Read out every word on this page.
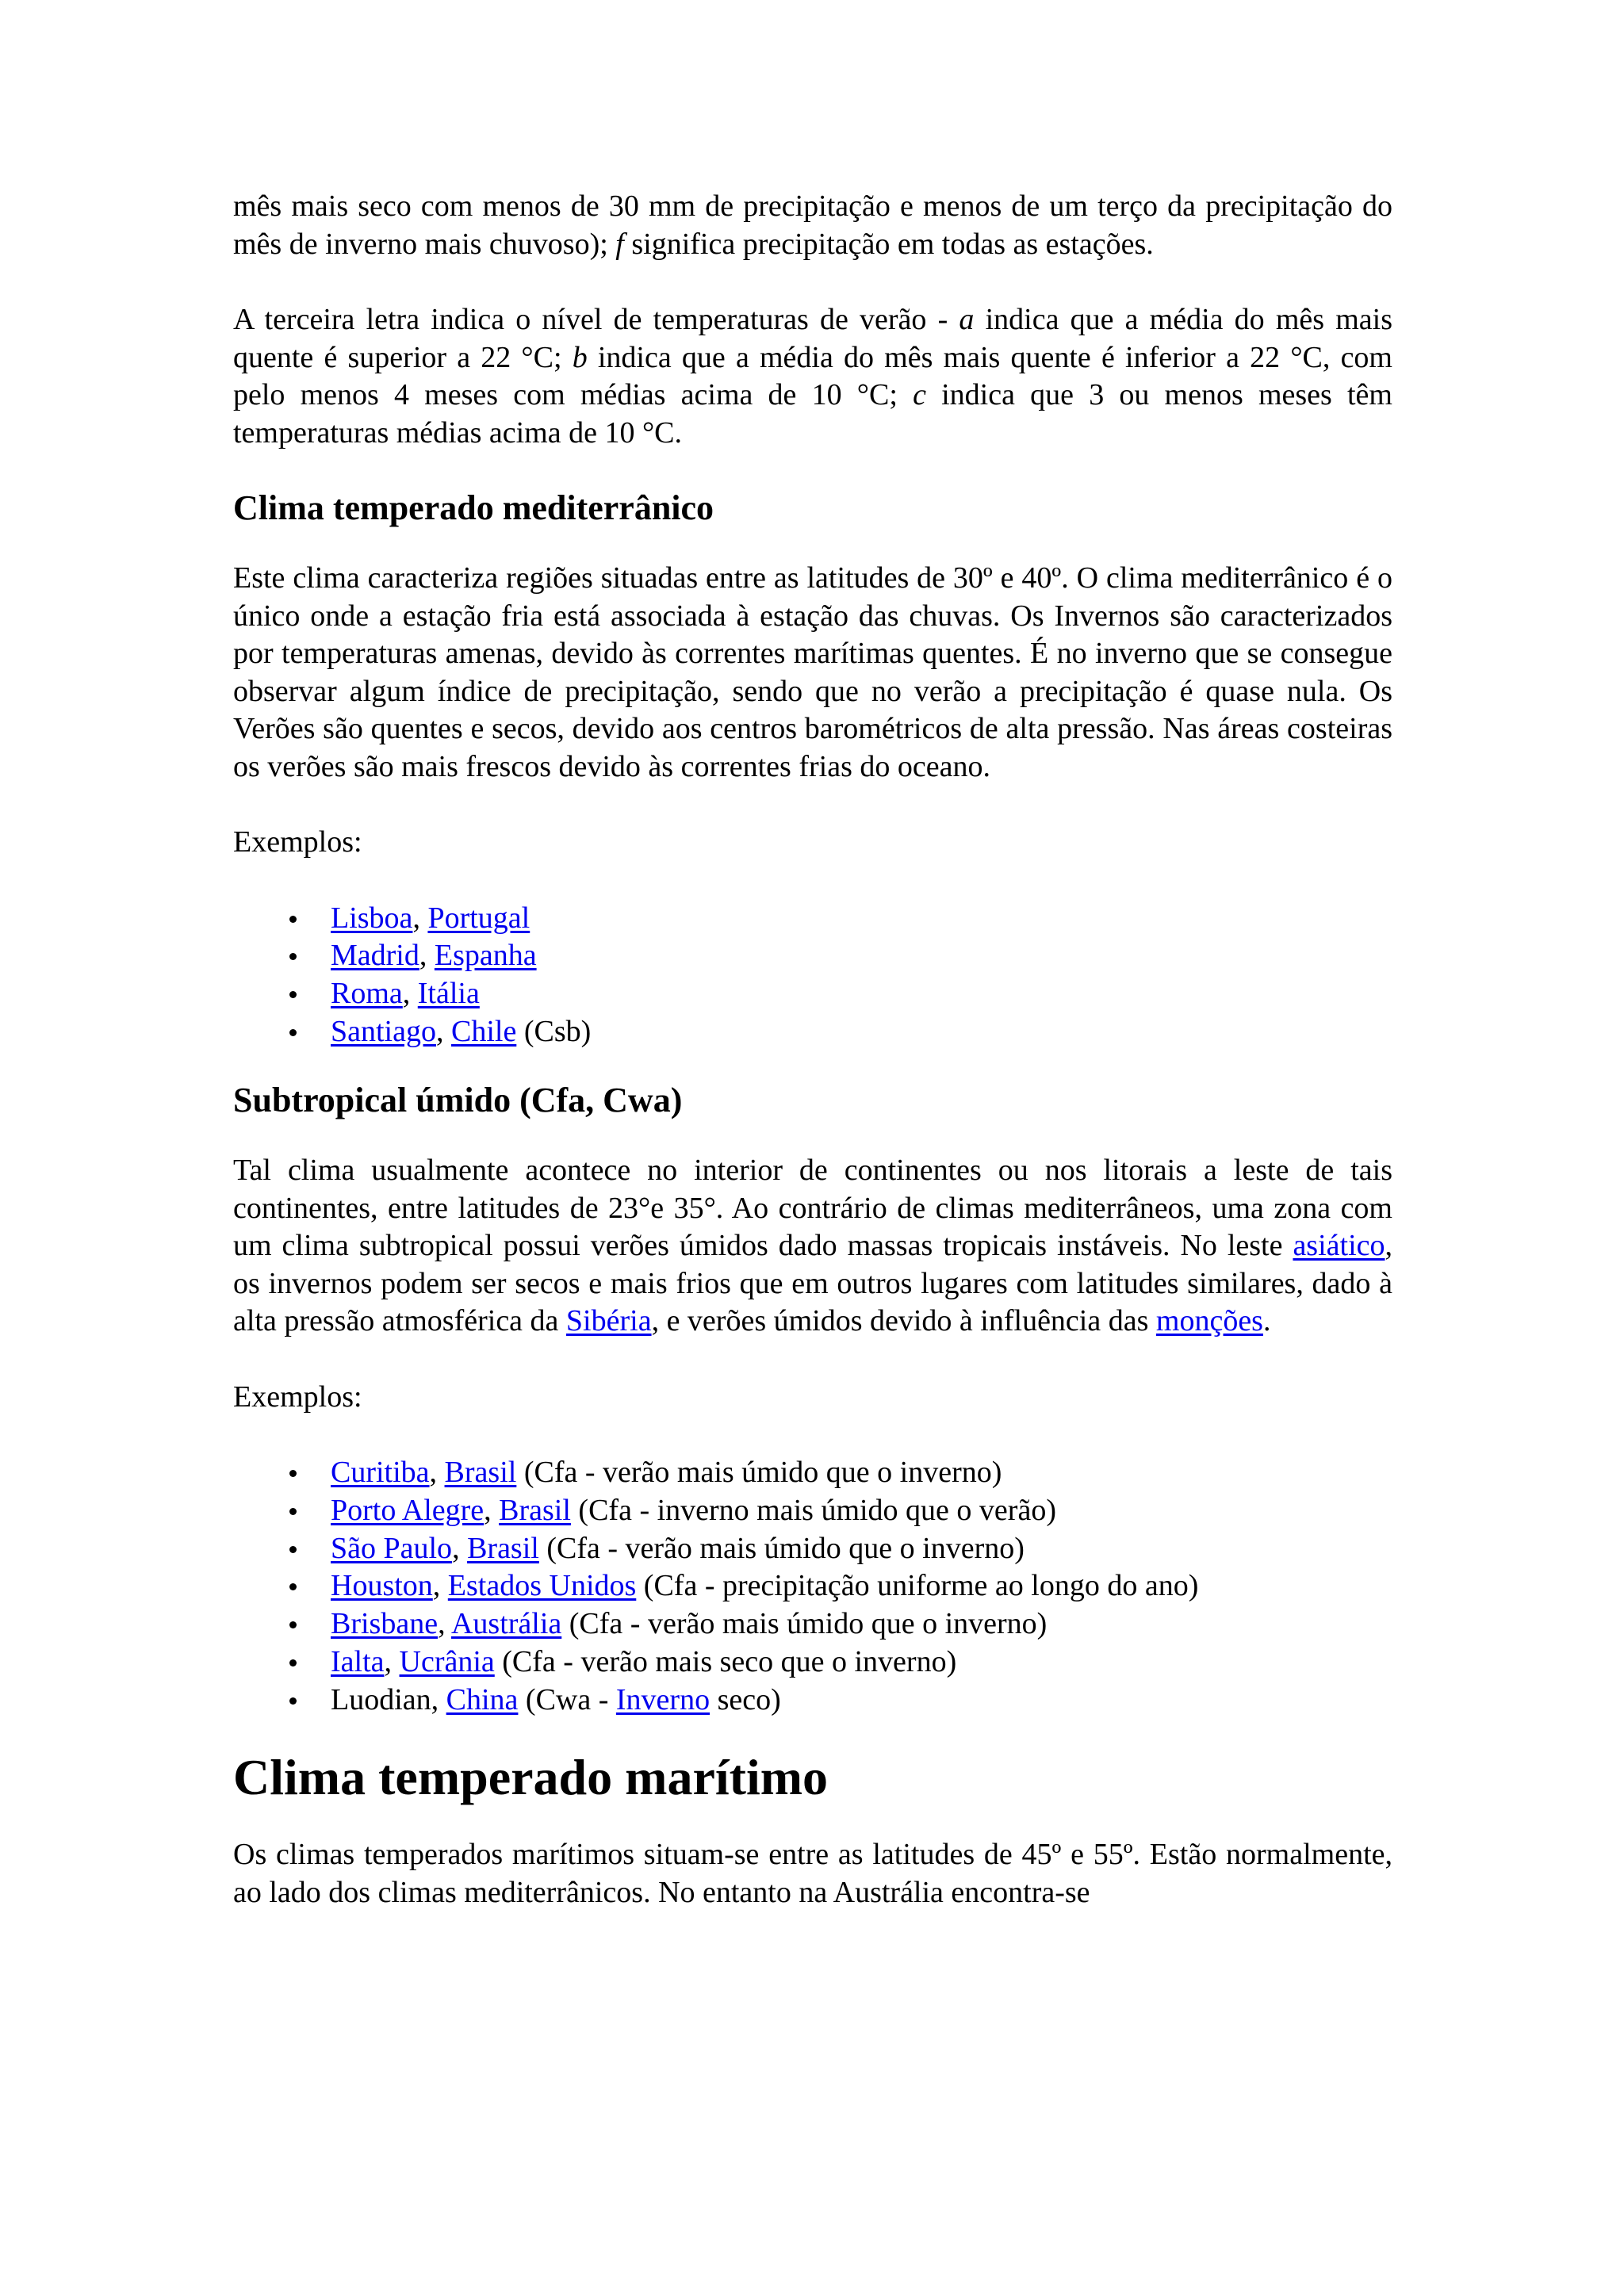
mês mais seco com menos de 30 mm de precipitação e menos de um terço da precipitação do mês de inverno mais chuvoso); f significa precipitação em todas as estações.

A terceira letra indica o nível de temperaturas de verão - a indica que a média do mês mais quente é superior a 22 °C; b indica que a média do mês mais quente é inferior a 22 °C, com pelo menos 4 meses com médias acima de 10 °C; c indica que 3 ou menos meses têm temperaturas médias acima de 10 °C.

Clima temperado mediterrânico

Este clima caracteriza regiões situadas entre as latitudes de 30º e 40º. O clima mediterrânico é o único onde a estação fria está associada à estação das chuvas. Os Invernos são caracterizados por temperaturas amenas, devido às correntes marítimas quentes. É no inverno que se consegue observar algum índice de precipitação, sendo que no verão a precipitação é quase nula. Os Verões são quentes e secos, devido aos centros barométricos de alta pressão. Nas áreas costeiras os verões são mais frescos devido às correntes frias do oceano.

Exemplos:

Lisboa, Portugal
Madrid, Espanha
Roma, Itália
Santiago, Chile (Csb)
Subtropical úmido (Cfa, Cwa)

Tal clima usualmente acontece no interior de continentes ou nos litorais a leste de tais continentes, entre latitudes de 23°e 35°. Ao contrário de climas mediterrâneos, uma zona com um clima subtropical possui verões úmidos dado massas tropicais instáveis. No leste asiático, os invernos podem ser secos e mais frios que em outros lugares com latitudes similares, dado à alta pressão atmosférica da Sibéria, e verões úmidos devido à influência das monções.

Exemplos:

Curitiba, Brasil (Cfa - verão mais úmido que o inverno)
Porto Alegre, Brasil (Cfa - inverno mais úmido que o verão)
São Paulo, Brasil (Cfa - verão mais úmido que o inverno)
Houston, Estados Unidos (Cfa - precipitação uniforme ao longo do ano)
Brisbane, Austrália (Cfa - verão mais úmido que o inverno)
Ialta, Ucrânia (Cfa - verão mais seco que o inverno)
Luodian, China (Cwa - Inverno seco)
Clima temperado marítimo

Os climas temperados marítimos situam-se entre as latitudes de 45º e 55º. Estão normalmente, ao lado dos climas mediterrânicos. No entanto na Austrália encontra-se
